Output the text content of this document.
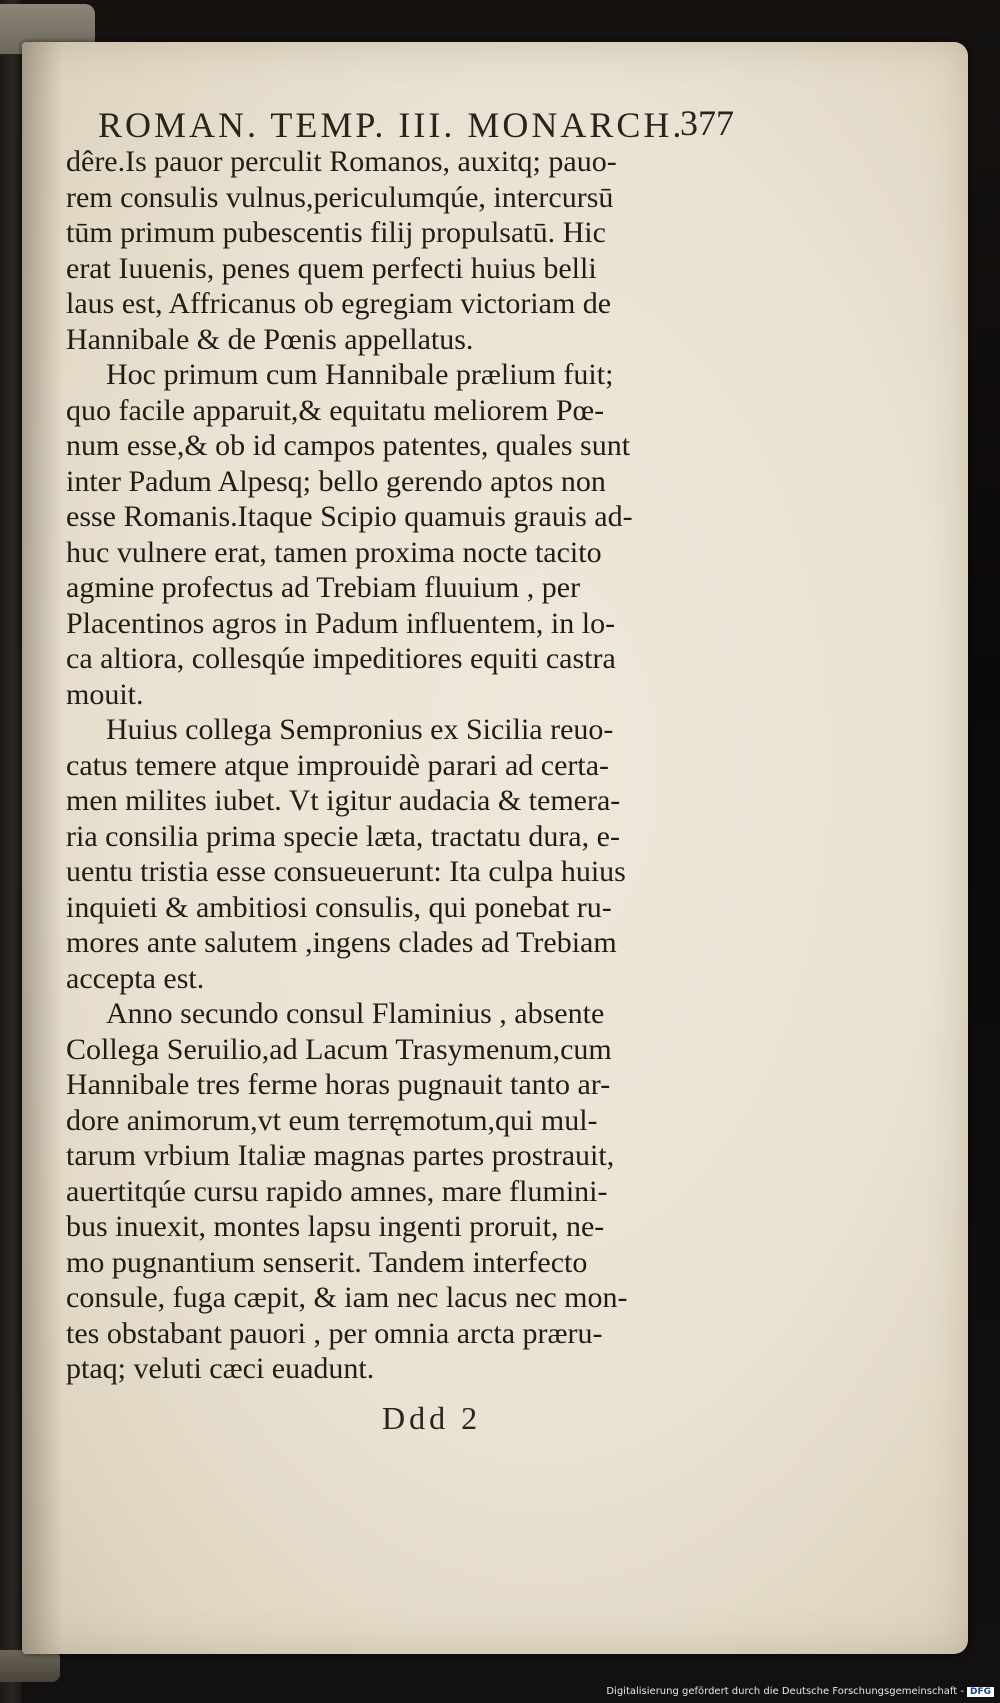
ROMAN. TEMP. III. MONARCH.
377
dêre.Is pauor perculit Romanos, auxitq; pauo-
rem consulis vulnus,periculumqúe, intercursū
tūm primum pubescentis filij propulsatū. Hic
erat Iuuenis, penes quem perfecti huius belli
laus est, Affricanus ob egregiam victoriam de
Hannibale & de Pœnis appellatus.
Hoc primum cum Hannibale prælium fuit;
quo facile apparuit,& equitatu meliorem Pœ-
num esse,& ob id campos patentes, quales sunt
inter Padum Alpesq; bello gerendo aptos non
esse Romanis.Itaque Scipio quamuis grauis ad-
huc vulnere erat, tamen proxima nocte tacito
agmine profectus ad Trebiam fluuium , per
Placentinos agros in Padum influentem, in lo-
ca altiora, collesqúe impeditiores equiti castra
mouit.
Huius collega Sempronius ex Sicilia reuo-
catus temere atque improuidè parari ad certa-
men milites iubet. Vt igitur audacia & temera-
ria consilia prima specie læta, tractatu dura, e-
uentu tristia esse consueuerunt: Ita culpa huius
inquieti & ambitiosi consulis, qui ponebat ru-
mores ante salutem ,ingens clades ad Trebiam
accepta est.
Anno secundo consul Flaminius , absente
Collega Seruilio,ad Lacum Trasymenum,cum
Hannibale tres ferme horas pugnauit tanto ar-
dore animorum,vt eum terręmotum,qui mul-
tarum vrbium Italiæ magnas partes prostrauit,
auertitqúe cursu rapido amnes, mare flumini-
bus inuexit, montes lapsu ingenti proruit, ne-
mo pugnantium senserit. Tandem interfecto
consule, fuga cæpit, & iam nec lacus nec mon-
tes obstabant pauori , per omnia arcta præru-
ptaq; veluti cæci euadunt.
Ddd 2
Digitalisierung gefördert durch die Deutsche Forschungsgemeinschaft - DFG
